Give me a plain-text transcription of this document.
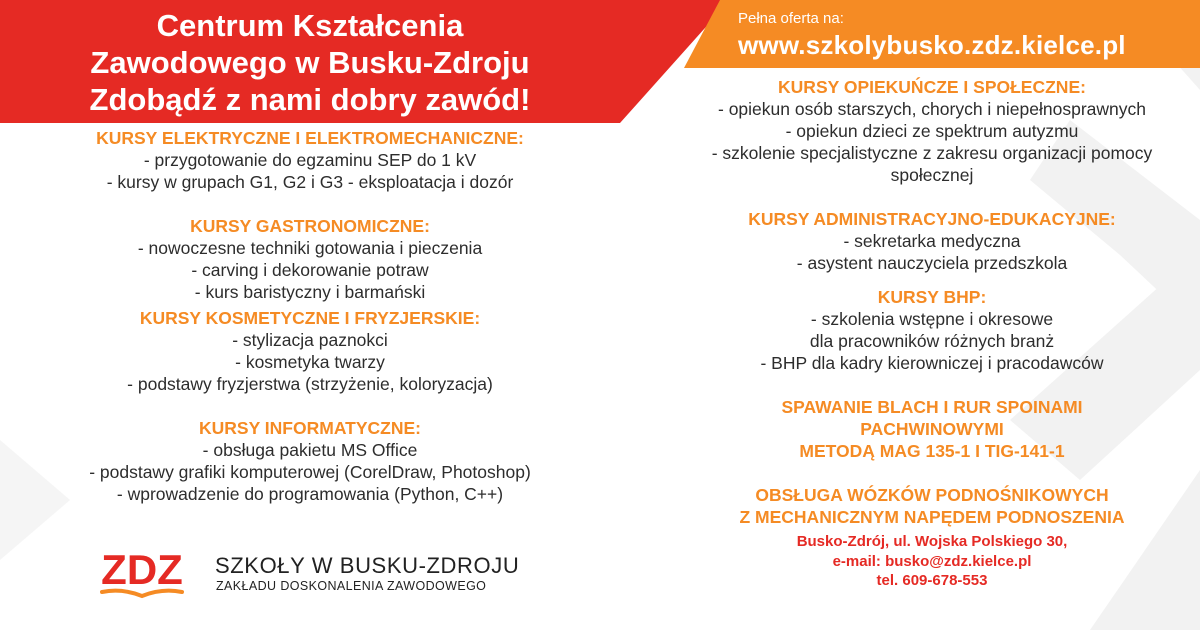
Centrum Kształcenia
Zawodowego w Busku-Zdroju
Zdobądź z nami dobry zawód!
Pełna oferta na:
www.szkolybusko.zdz.kielce.pl
KURSY ELEKTRYCZNE I ELEKTROMECHANICZNE:
- przygotowanie do egzaminu SEP do 1 kV
- kursy w grupach G1, G2 i G3 - eksploatacja i dozór
KURSY GASTRONOMICZNE:
- nowoczesne techniki gotowania i pieczenia
- carving i dekorowanie potraw
- kurs baristyczny i barmański
KURSY KOSMETYCZNE I FRYZJERSKIE:
- stylizacja paznokci
- kosmetyka twarzy
- podstawy fryzjerstwa (strzyżenie, koloryzacja)
KURSY INFORMATYCZNE:
- obsługa pakietu MS Office
- podstawy grafiki komputerowej (CorelDraw, Photoshop)
- wprowadzenie do programowania (Python, C++)
KURSY OPIEKUŃCZE I SPOŁECZNE:
- opiekun osób starszych, chorych i niepełnosprawnych
- opiekun dzieci ze spektrum autyzmu
- szkolenie specjalistyczne z zakresu organizacji pomocy
społecznej
KURSY ADMINISTRACYJNO-EDUKACYJNE:
- sekretarka medyczna
- asystent nauczyciela przedszkola
KURSY BHP:
- szkolenia wstępne i okresowe
dla pracowników różnych branż
- BHP dla kadry kierowniczej i pracodawców
SPAWANIE BLACH I RUR SPOINAMI
PACHWINOWYMI
METODĄ MAG 135-1 I TIG-141-1
OBSŁUGA WÓZKÓW PODNOŚNIKOWYCH
Z MECHANICZNYM NAPĘDEM PODNOSZENIA
Busko-Zdrój, ul. Wojska Polskiego 30,
e-mail: busko@zdz.kielce.pl
tel. 609-678-553
ZDZ SZKOŁY W BUSKU-ZDROJU
ZAKŁADU DOSKONALENIA ZAWODOWEGO
